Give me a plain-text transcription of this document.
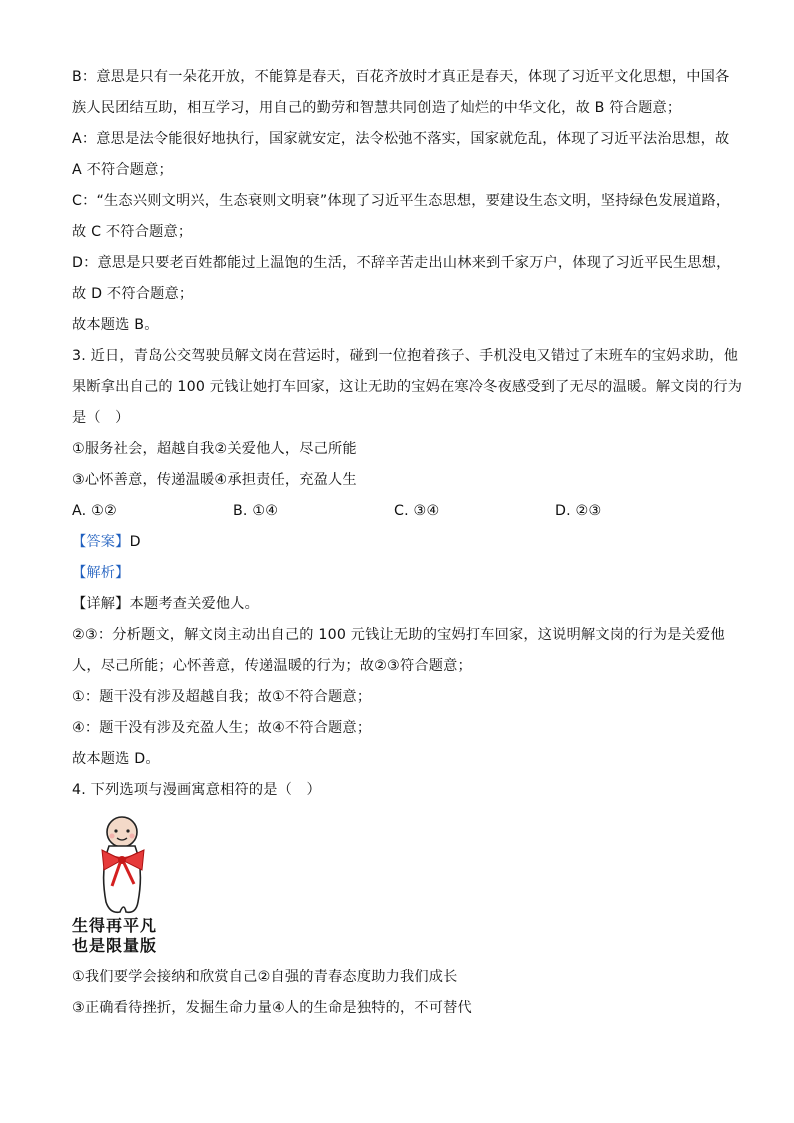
B：意思是只有一朵花开放，不能算是春天，百花齐放时才真正是春天，体现了习近平文化思想，中国各
族人民团结互助，相互学习，用自己的勤劳和智慧共同创造了灿烂的中华文化，故 B 符合题意；
A：意思是法令能很好地执行，国家就安定，法令松弛不落实，国家就危乱，体现了习近平法治思想，故
A 不符合题意；
C：“生态兴则文明兴，生态衰则文明衰”体现了习近平生态思想，要建设生态文明，坚持绿色发展道路，
故 C 不符合题意；
D：意思是只要老百姓都能过上温饱的生活，不辞辛苦走出山林来到千家万户，体现了习近平民生思想，
故 D 不符合题意；
故本题选 B。
3. 近日，青岛公交驾驶员解文岗在营运时，碰到一位抱着孩子、手机没电又错过了末班车的宝妈求助，他
果断拿出自己的 100 元钱让她打车回家，这让无助的宝妈在寒冷冬夜感受到了无尽的温暖。解文岗的行为
是（　）
①服务社会，超越自我②关爱他人，尽己所能
③心怀善意，传递温暖④承担责任，充盈人生
A. ①②	B. ①④	C. ③④	D. ②③
【答案】D
【解析】
【详解】本题考查关爱他人。
②③：分析题文，解文岗主动出自己的 100 元钱让无助的宝妈打车回家，这说明解文岗的行为是关爱他
人，尽己所能；心怀善意，传递温暖的行为；故②③符合题意；
①：题干没有涉及超越自我；故①不符合题意；
④：题干没有涉及充盈人生；故④不符合题意；
故本题选 D。
4. 下列选项与漫画寓意相符的是（　）
生得再平凡
也是限量版
①我们要学会接纳和欣赏自己②自强的青春态度助力我们成长
③正确看待挫折，发掘生命力量④人的生命是独特的，不可替代
